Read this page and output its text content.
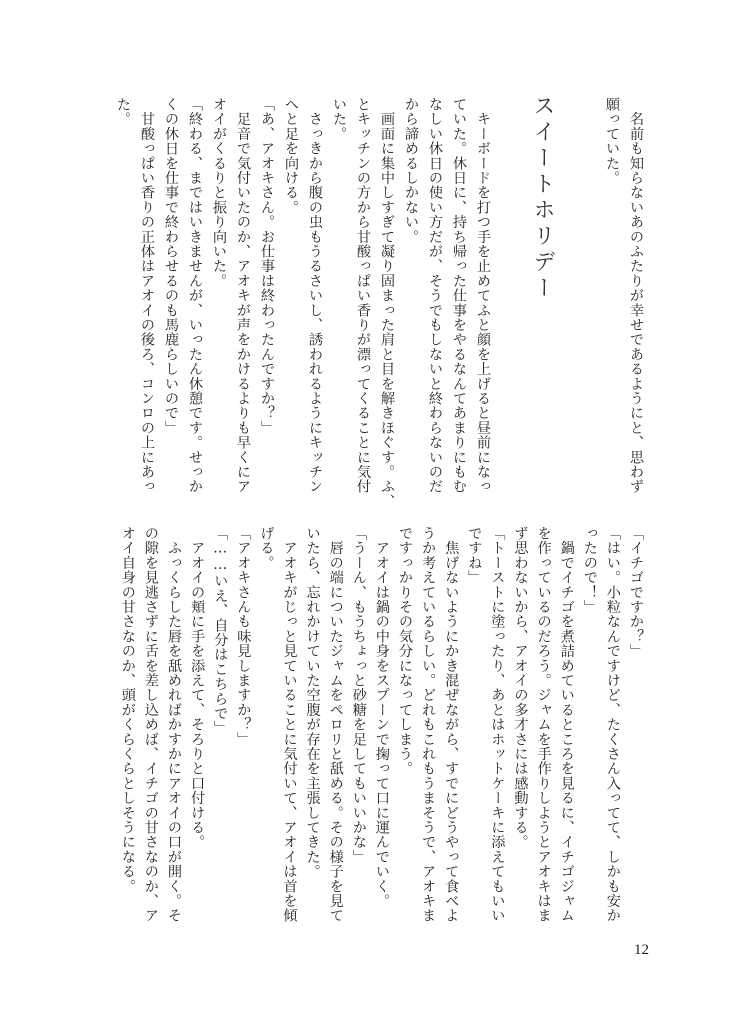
スイートホリデー
12
　名前も知らないあのふたりが幸せであるようにと、思わず
願っていた。
　キーボードを打つ手を止めてふと顔を上げると昼前になっ
ていた。休日に、持ち帰った仕事をやるなんてあまりにもむ
なしい休日の使い方だが、そうでもしないと終わらないのだ
から諦めるしかない。
　画面に集中しすぎて凝り固まった肩と目を解きほぐす。ふ、
とキッチンの方から甘酸っぱい香りが漂ってくることに気付
いた。
　さっきから腹の虫もうるさいし、誘われるようにキッチン
へと足を向ける。
「あ、アオキさん。お仕事は終わったんですか？」
　足音で気付いたのか、アオキが声をかけるよりも早くにア
オイがくるりと振り向いた。
「終わる、まではいきませんが、いったん休憩です。せっか
くの休日を仕事で終わらせるのも馬鹿らしいので」
　甘酸っぱい香りの正体はアオイの後ろ、コンロの上にあっ
た。
「イチゴですか？」
「はい。小粒なんですけど、たくさん入ってて、しかも安か
ったので！」
　鍋でイチゴを煮詰めているところを見るに、イチゴジャム
を作っているのだろう。ジャムを手作りしようとアオキはま
ず思わないから、アオイの多才さには感動する。
「トーストに塗ったり、あとはホットケーキに添えてもいい
ですね」
　焦げないようにかき混ぜながら、すでにどうやって食べよ
うか考えているらしい。どれもこれもうまそうで、アオキま
ですっかりその気分になってしまう。
　アオイは鍋の中身をスプーンで掬って口に運んでいく。
「うーん、もうちょっと砂糖を足してもいいかな」
　唇の端についたジャムをペロリと舐める。その様子を見て
いたら、忘れかけていた空腹が存在を主張してきた。
　アオキがじっと見ていることに気付いて、アオイは首を傾
げる。
「アオキさんも味見しますか？」
「……いえ、自分はこちらで」
　アオイの頬に手を添えて、そろりと口付ける。
　ふっくらした唇を舐めればかすかにアオイの口が開く。そ
の隙を見逃さずに舌を差し込めば、イチゴの甘さなのか、ア
オイ自身の甘さなのか、頭がくらくらとしそうになる。
